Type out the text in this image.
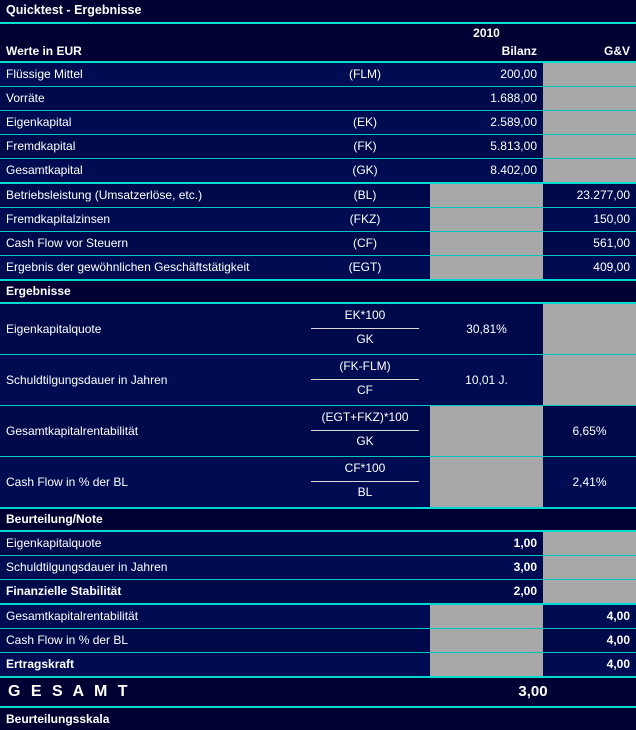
Quicktest - Ergebnisse

		2010	

Werte in EUR		Bilanz	G&V

Flüssige Mittel	(FLM)	200,00	

Vorräte		1.688,00	

Eigenkapital	(EK)	2.589,00	

Fremdkapital	(FK)	5.813,00	

Gesamtkapital	(GK)	8.402,00	

Betriebsleistung (Umsatzerlöse, etc.)	(BL)		23.277,00

Fremdkapitalzinsen	(FKZ)		150,00

Cash Flow vor Steuern	(CF)		561,00

Ergebnis der gewöhnlichen Geschäftstätigkeit	(EGT)		409,00

Ergebnisse			

Eigenkapitalquote	EK*100
GK	30,81%	

Schuldtilgungsdauer in Jahren	(FK-FLM)
CF	10,01 J.	

Gesamtkapitalrentabilität	(EGT+FKZ)*100
GK		6,65%

Cash Flow in % der BL	CF*100
BL		2,41%

Beurteilung/Note			

Eigenkapitalquote		1,00	

Schuldtilgungsdauer in Jahren		3,00	

Finanzielle Stabilität		2,00	

Gesamtkapitalrentabilität			4,00

Cash Flow in % der BL			4,00

Ertragskraft			4,00

G E S A M T		3,00	

Beurteilungsskala			
